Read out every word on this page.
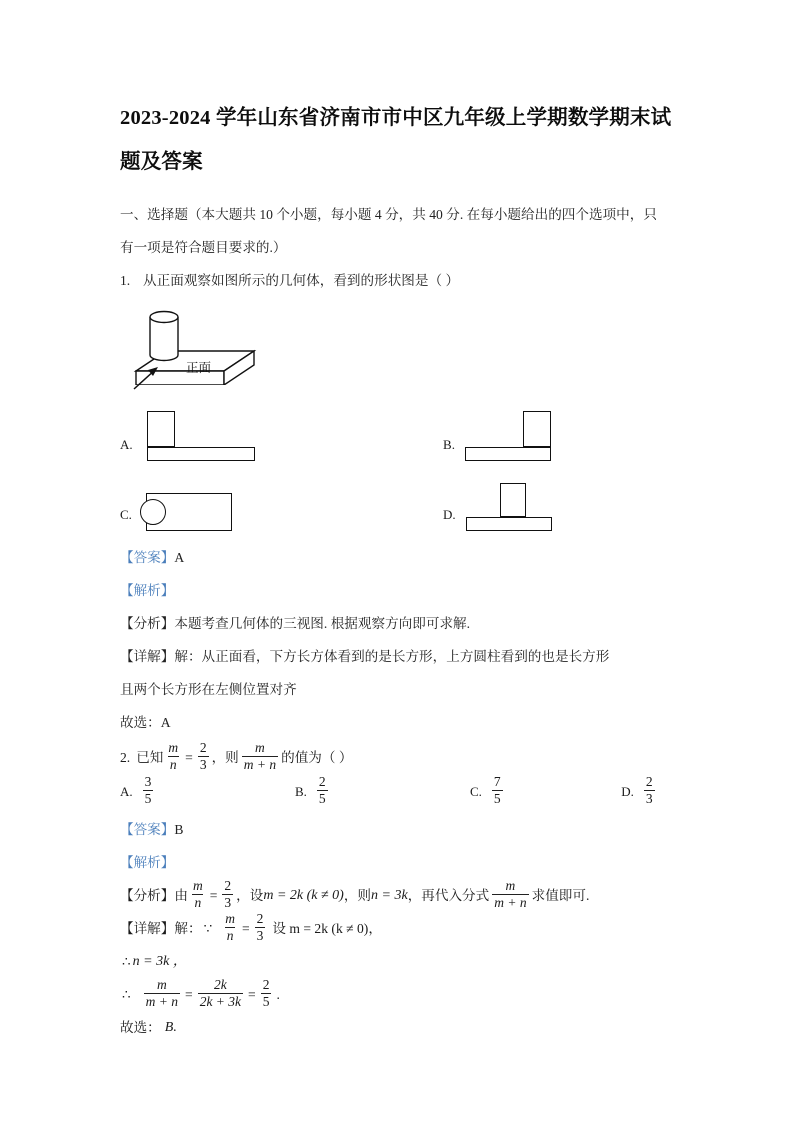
2023-2024 学年山东省济南市市中区九年级上学期数学期末试题及答案

一、选择题（本大题共 10 个小题，每小题 4 分，共 40 分. 在每小题给出的四个选项中，只

有一项是符合题目要求的.）

1. 从正面观察如图所示的几何体，看到的形状图是（ ）

正面
A.	B.
C.	D.

【答案】A

【解析】

【分析】本题考查几何体的三视图. 根据观察方向即可求解.

【详解】解：从正面看，下方长方体看到的是长方形，上方圆柱看到的也是长方形

且两个长方形在左侧位置对齐

故选：A

2. 已知 $\frac{m}{n} = \frac{2}{3}$ ，则 $\frac{m}{m + n}$ 的值为（ ）

A. $\frac{3}{5}$	B. $\frac{2}{5}$	C. $\frac{7}{5}$	D. $\frac{2}{3}$

【答案】B

【解析】

【分析】 由 $\frac{m}{n} = \frac{2}{3}$ ，设 m = 2k (k ≠ 0) ，则 n = 3k ，再代入分式 $\frac{m}{m + n}$ 求值即可.

【详解】 解： ∵ $\frac{m}{n} = \frac{2}{3}$ 设 m = 2k (k ≠ 0)，

∴ n = 3k ，

∴ $\frac{m}{m + n} = \frac{2k}{2k + 3k} = \frac{2}{5}$ .

故选： B.
